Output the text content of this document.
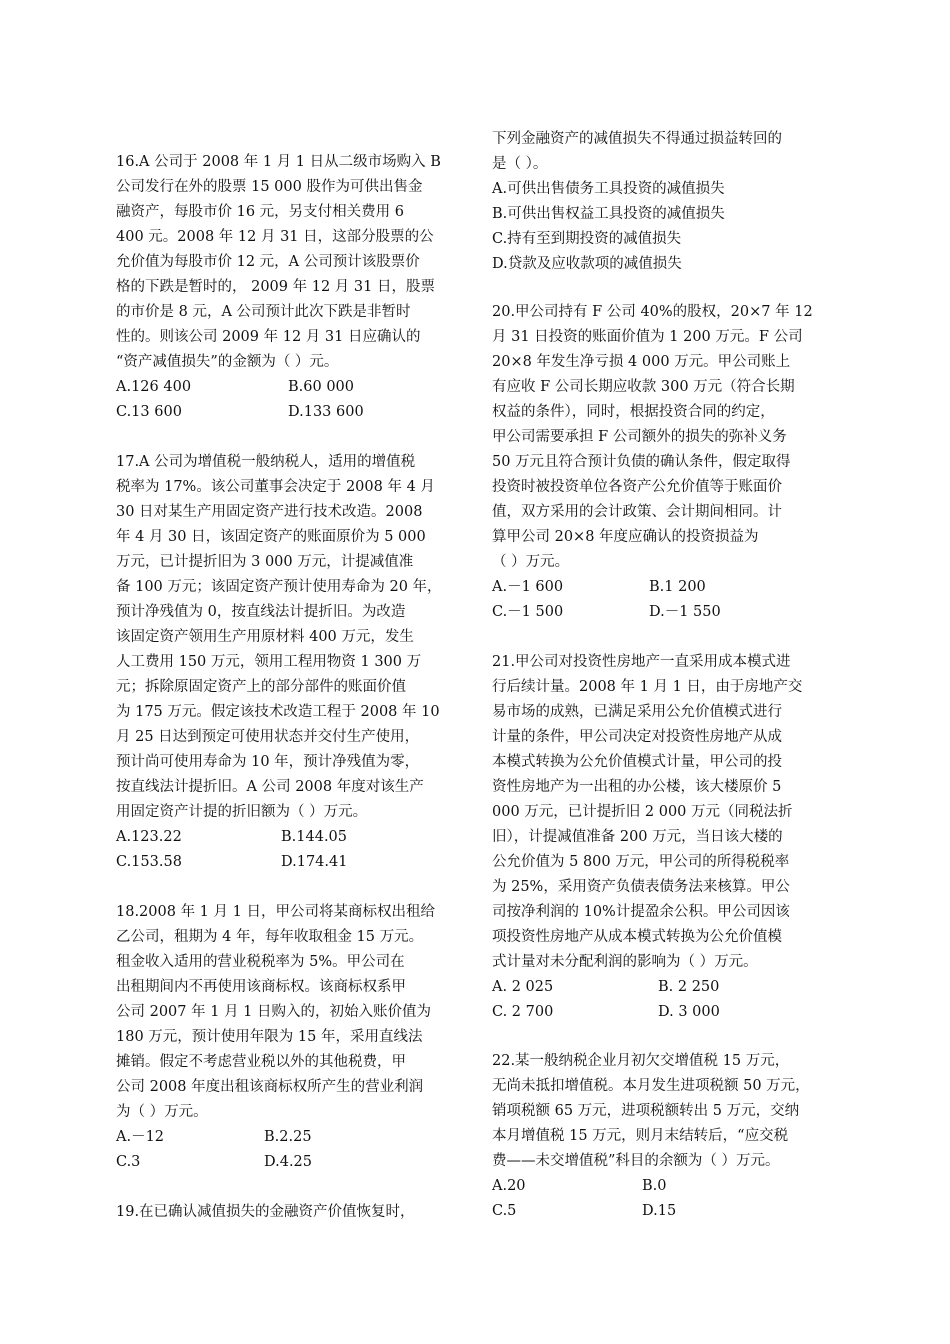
16.A 公司于 2008 年 1 月 1 日从二级市场购入 B
公司发行在外的股票 15 000 股作为可供出售金
融资产，每股市价 16 元，另支付相关费用 6
400 元。2008 年 12 月 31 日，这部分股票的公
允价值为每股市价 12 元，A 公司预计该股票价
格的下跌是暂时的， 2009 年 12 月 31 日，股票
的市价是 8 元，A 公司预计此次下跌是非暂时
性的。则该公司 2009 年 12 月 31 日应确认的
“资产减值损失”的金额为（ ）元。
A.126 400	B.60 000
C.13 600	D.133 600
17.A 公司为增值税一般纳税人，适用的增值税
税率为 17%。该公司董事会决定于 2008 年 4 月
30 日对某生产用固定资产进行技术改造。2008
年 4 月 30 日，该固定资产的账面原价为 5 000
万元，已计提折旧为 3 000 万元，计提减值准
备 100 万元；该固定资产预计使用寿命为 20 年，
预计净残值为 0，按直线法计提折旧。为改造
该固定资产领用生产用原材料 400 万元，发生
人工费用 150 万元，领用工程用物资 1 300 万
元；拆除原固定资产上的部分部件的账面价值
为 175 万元。假定该技术改造工程于 2008 年 10
月 25 日达到预定可使用状态并交付生产使用，
预计尚可使用寿命为 10 年，预计净残值为零，
按直线法计提折旧。A 公司 2008 年度对该生产
用固定资产计提的折旧额为（ ）万元。
A.123.22	B.144.05
C.153.58	D.174.41
18.2008 年 1 月 1 日，甲公司将某商标权出租给
乙公司，租期为 4 年，每年收取租金 15 万元。
租金收入适用的营业税税率为 5%。甲公司在
出租期间内不再使用该商标权。该商标权系甲
公司 2007 年 1 月 1 日购入的，初始入账价值为
180 万元，预计使用年限为 15 年，采用直线法
摊销。假定不考虑营业税以外的其他税费，甲
公司 2008 年度出租该商标权所产生的营业利润
为（ ）万元。
A.－12	B.2.25
C.3	D.4.25
19.在已确认减值损失的金融资产价值恢复时，
下列金融资产的减值损失不得通过损益转回的
是（ ）。
A.可供出售债务工具投资的减值损失
B.可供出售权益工具投资的减值损失
C.持有至到期投资的减值损失
D.贷款及应收款项的减值损失
20.甲公司持有 F 公司 40%的股权，20×7 年 12
月 31 日投资的账面价值为 1 200 万元。F 公司
20×8 年发生净亏损 4 000 万元。甲公司账上
有应收 F 公司长期应收款 300 万元（符合长期
权益的条件），同时，根据投资合同的约定，
甲公司需要承担 F 公司额外的损失的弥补义务
50 万元且符合预计负债的确认条件，假定取得
投资时被投资单位各资产公允价值等于账面价
值，双方采用的会计政策、会计期间相同。计
算甲公司 20×8 年度应确认的投资损益为
（ ）万元。
A.－1 600	B.1 200
C.－1 500	D.－1 550
21.甲公司对投资性房地产一直采用成本模式进
行后续计量。2008 年 1 月 1 日，由于房地产交
易市场的成熟，已满足采用公允价值模式进行
计量的条件，甲公司决定对投资性房地产从成
本模式转换为公允价值模式计量，甲公司的投
资性房地产为一出租的办公楼，该大楼原价 5
000 万元，已计提折旧 2 000 万元（同税法折
旧），计提减值准备 200 万元，当日该大楼的
公允价值为 5 800 万元，甲公司的所得税税率
为 25%，采用资产负债表债务法来核算。甲公
司按净利润的 10%计提盈余公积。甲公司因该
项投资性房地产从成本模式转换为公允价值模
式计量对未分配利润的影响为（ ）万元。
A. 2 025	B. 2 250
C. 2 700	D. 3 000
22.某一般纳税企业月初欠交增值税 15 万元，
无尚未抵扣增值税。本月发生进项税额 50 万元，
销项税额 65 万元，进项税额转出 5 万元，交纳
本月增值税 15 万元，则月末结转后，“应交税
费——未交增值税”科目的余额为（ ）万元。
A.20	B.0
C.5	D.15
